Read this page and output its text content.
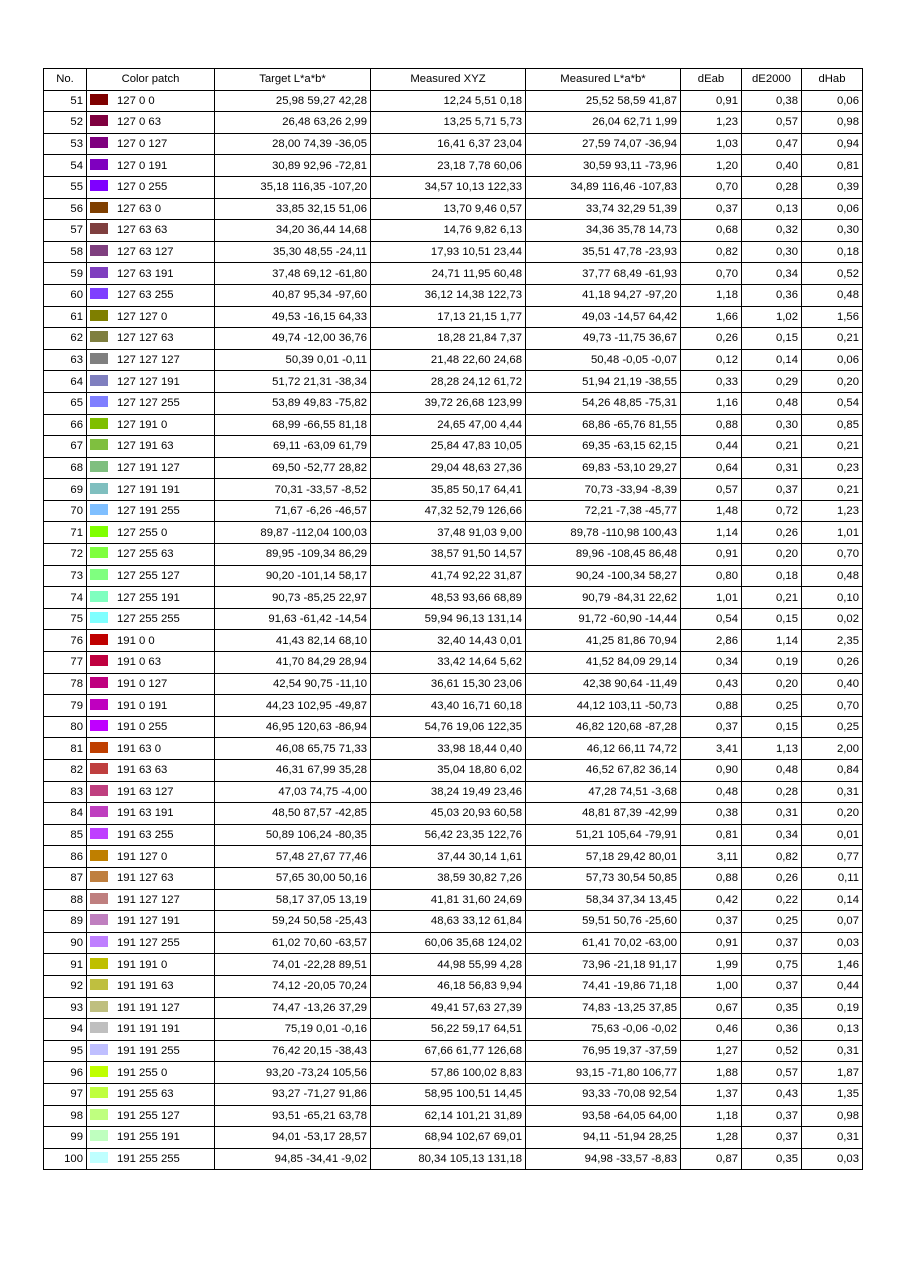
No.	Color patch	Target L*a*b*	Measured XYZ	Measured L*a*b*	dEab	dE2000	dHab
51	127 0 0	25,98 59,27 42,28	12,24 5,51 0,18	25,52 58,59 41,87	0,91	0,38	0,06
52	127 0 63	26,48 63,26 2,99	13,25 5,71 5,73	26,04 62,71 1,99	1,23	0,57	0,98
53	127 0 127	28,00 74,39 -36,05	16,41 6,37 23,04	27,59 74,07 -36,94	1,03	0,47	0,94
54	127 0 191	30,89 92,96 -72,81	23,18 7,78 60,06	30,59 93,11 -73,96	1,20	0,40	0,81
55	127 0 255	35,18 116,35 -107,20	34,57 10,13 122,33	34,89 116,46 -107,83	0,70	0,28	0,39
56	127 63 0	33,85 32,15 51,06	13,70 9,46 0,57	33,74 32,29 51,39	0,37	0,13	0,06
57	127 63 63	34,20 36,44 14,68	14,76 9,82 6,13	34,36 35,78 14,73	0,68	0,32	0,30
58	127 63 127	35,30 48,55 -24,11	17,93 10,51 23,44	35,51 47,78 -23,93	0,82	0,30	0,18
59	127 63 191	37,48 69,12 -61,80	24,71 11,95 60,48	37,77 68,49 -61,93	0,70	0,34	0,52
60	127 63 255	40,87 95,34 -97,60	36,12 14,38 122,73	41,18 94,27 -97,20	1,18	0,36	0,48
61	127 127 0	49,53 -16,15 64,33	17,13 21,15 1,77	49,03 -14,57 64,42	1,66	1,02	1,56
62	127 127 63	49,74 -12,00 36,76	18,28 21,84 7,37	49,73 -11,75 36,67	0,26	0,15	0,21
63	127 127 127	50,39 0,01 -0,11	21,48 22,60 24,68	50,48 -0,05 -0,07	0,12	0,14	0,06
64	127 127 191	51,72 21,31 -38,34	28,28 24,12 61,72	51,94 21,19 -38,55	0,33	0,29	0,20
65	127 127 255	53,89 49,83 -75,82	39,72 26,68 123,99	54,26 48,85 -75,31	1,16	0,48	0,54
66	127 191 0	68,99 -66,55 81,18	24,65 47,00 4,44	68,86 -65,76 81,55	0,88	0,30	0,85
67	127 191 63	69,11 -63,09 61,79	25,84 47,83 10,05	69,35 -63,15 62,15	0,44	0,21	0,21
68	127 191 127	69,50 -52,77 28,82	29,04 48,63 27,36	69,83 -53,10 29,27	0,64	0,31	0,23
69	127 191 191	70,31 -33,57 -8,52	35,85 50,17 64,41	70,73 -33,94 -8,39	0,57	0,37	0,21
70	127 191 255	71,67 -6,26 -46,57	47,32 52,79 126,66	72,21 -7,38 -45,77	1,48	0,72	1,23
71	127 255 0	89,87 -112,04 100,03	37,48 91,03 9,00	89,78 -110,98 100,43	1,14	0,26	1,01
72	127 255 63	89,95 -109,34 86,29	38,57 91,50 14,57	89,96 -108,45 86,48	0,91	0,20	0,70
73	127 255 127	90,20 -101,14 58,17	41,74 92,22 31,87	90,24 -100,34 58,27	0,80	0,18	0,48
74	127 255 191	90,73 -85,25 22,97	48,53 93,66 68,89	90,79 -84,31 22,62	1,01	0,21	0,10
75	127 255 255	91,63 -61,42 -14,54	59,94 96,13 131,14	91,72 -60,90 -14,44	0,54	0,15	0,02
76	191 0 0	41,43 82,14 68,10	32,40 14,43 0,01	41,25 81,86 70,94	2,86	1,14	2,35
77	191 0 63	41,70 84,29 28,94	33,42 14,64 5,62	41,52 84,09 29,14	0,34	0,19	0,26
78	191 0 127	42,54 90,75 -11,10	36,61 15,30 23,06	42,38 90,64 -11,49	0,43	0,20	0,40
79	191 0 191	44,23 102,95 -49,87	43,40 16,71 60,18	44,12 103,11 -50,73	0,88	0,25	0,70
80	191 0 255	46,95 120,63 -86,94	54,76 19,06 122,35	46,82 120,68 -87,28	0,37	0,15	0,25
81	191 63 0	46,08 65,75 71,33	33,98 18,44 0,40	46,12 66,11 74,72	3,41	1,13	2,00
82	191 63 63	46,31 67,99 35,28	35,04 18,80 6,02	46,52 67,82 36,14	0,90	0,48	0,84
83	191 63 127	47,03 74,75 -4,00	38,24 19,49 23,46	47,28 74,51 -3,68	0,48	0,28	0,31
84	191 63 191	48,50 87,57 -42,85	45,03 20,93 60,58	48,81 87,39 -42,99	0,38	0,31	0,20
85	191 63 255	50,89 106,24 -80,35	56,42 23,35 122,76	51,21 105,64 -79,91	0,81	0,34	0,01
86	191 127 0	57,48 27,67 77,46	37,44 30,14 1,61	57,18 29,42 80,01	3,11	0,82	0,77
87	191 127 63	57,65 30,00 50,16	38,59 30,82 7,26	57,73 30,54 50,85	0,88	0,26	0,11
88	191 127 127	58,17 37,05 13,19	41,81 31,60 24,69	58,34 37,34 13,45	0,42	0,22	0,14
89	191 127 191	59,24 50,58 -25,43	48,63 33,12 61,84	59,51 50,76 -25,60	0,37	0,25	0,07
90	191 127 255	61,02 70,60 -63,57	60,06 35,68 124,02	61,41 70,02 -63,00	0,91	0,37	0,03
91	191 191 0	74,01 -22,28 89,51	44,98 55,99 4,28	73,96 -21,18 91,17	1,99	0,75	1,46
92	191 191 63	74,12 -20,05 70,24	46,18 56,83 9,94	74,41 -19,86 71,18	1,00	0,37	0,44
93	191 191 127	74,47 -13,26 37,29	49,41 57,63 27,39	74,83 -13,25 37,85	0,67	0,35	0,19
94	191 191 191	75,19 0,01 -0,16	56,22 59,17 64,51	75,63 -0,06 -0,02	0,46	0,36	0,13
95	191 191 255	76,42 20,15 -38,43	67,66 61,77 126,68	76,95 19,37 -37,59	1,27	0,52	0,31
96	191 255 0	93,20 -73,24 105,56	57,86 100,02 8,83	93,15 -71,80 106,77	1,88	0,57	1,87
97	191 255 63	93,27 -71,27 91,86	58,95 100,51 14,45	93,33 -70,08 92,54	1,37	0,43	1,35
98	191 255 127	93,51 -65,21 63,78	62,14 101,21 31,89	93,58 -64,05 64,00	1,18	0,37	0,98
99	191 255 191	94,01 -53,17 28,57	68,94 102,67 69,01	94,11 -51,94 28,25	1,28	0,37	0,31
100	191 255 255	94,85 -34,41 -9,02	80,34 105,13 131,18	94,98 -33,57 -8,83	0,87	0,35	0,03
